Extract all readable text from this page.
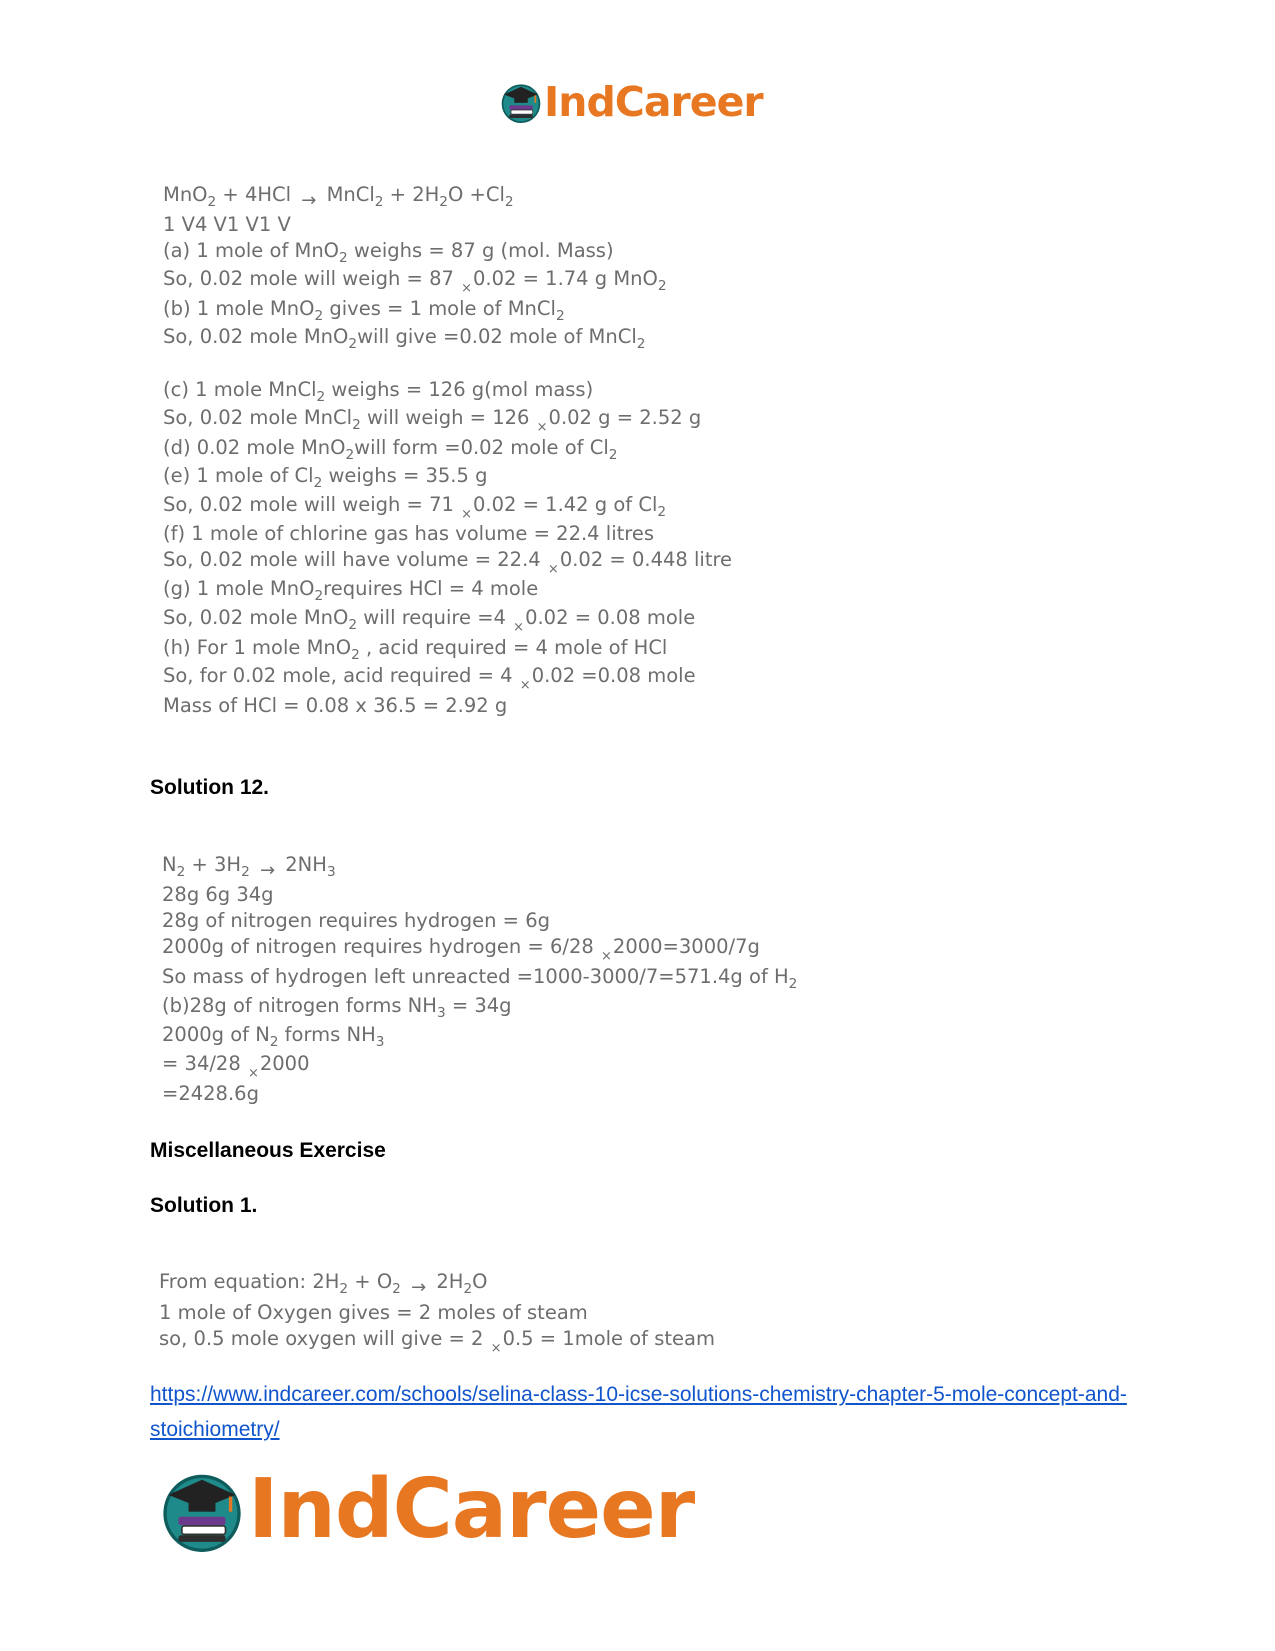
IndCareer
MnO$_2$ + 4HCl → MnCl$_2$ + $2H_2O +Cl_2$
1 V4 V1 V1 V
(a) 1 mole of MnO$_2$ weighs = 87 g (mol. Mass)
So, 0.02 mole will weigh = 87 ×0.02 = 1.74 g MnO$_2$
(b) 1 mole MnO$_2$ gives = 1 mole of MnCl$_2$
So, 0.02 mole MnO$_2$will give =0.02 mole of MnCl$_2$
(c) 1 mole MnCl$_2$ weighs = 126 g(mol mass)
So, 0.02 mole MnCl$_2$ will weigh = 126 ×0.02 g = 2.52 g
(d) 0.02 mole MnO$_2$will form =0.02 mole of $Cl_2$
(e) 1 mole of $Cl_2$ weighs = 35.5 g
So, 0.02 mole will weigh = 71 ×0.02 = 1.42 g of $Cl_2$
(f) 1 mole of chlorine gas has volume = 22.4 litres
So, 0.02 mole will have volume = 22.4 ×0.02 = 0.448 litre
(g) 1 mole MnO$_2$requires HCl = 4 mole
So, 0.02 mole MnO$_2$ will require =4 ×0.02 = 0.08 mole
(h) For 1 mole MnO$_2$ , acid required = 4 mole of HCl
So, for 0.02 mole, acid required = 4 ×0.02 =0.08 mole
Mass of HCl = 0.08 x 36.5 = 2.92 g
Solution 12.
$N_2 + 3H_2 \to 2NH_3$
28g 6g 34g
28g of nitrogen requires hydrogen = 6g
2000g of nitrogen requires hydrogen = 6/28 ×2000=3000/7g
So mass of hydrogen left unreacted =1000-3000/7=571.4g of $H_2$
(b)28g of nitrogen forms $NH_3 = 34g$
2000g of $N_2$ forms $NH_3$
= 34/28 ×2000
=2428.6g
Miscellaneous Exercise
Solution 1.
From equation: $2H_2 + O_2 \to 2H_2O$
1 mole of Oxygen gives = 2 moles of steam
so, 0.5 mole oxygen will give = 2 ×0.5 = 1mole of steam
https://www.indcareer.com/schools/selina-class-10-icse-solutions-chemistry-chapter-5-mole-concept-and-stoichiometry/
IndCareer
